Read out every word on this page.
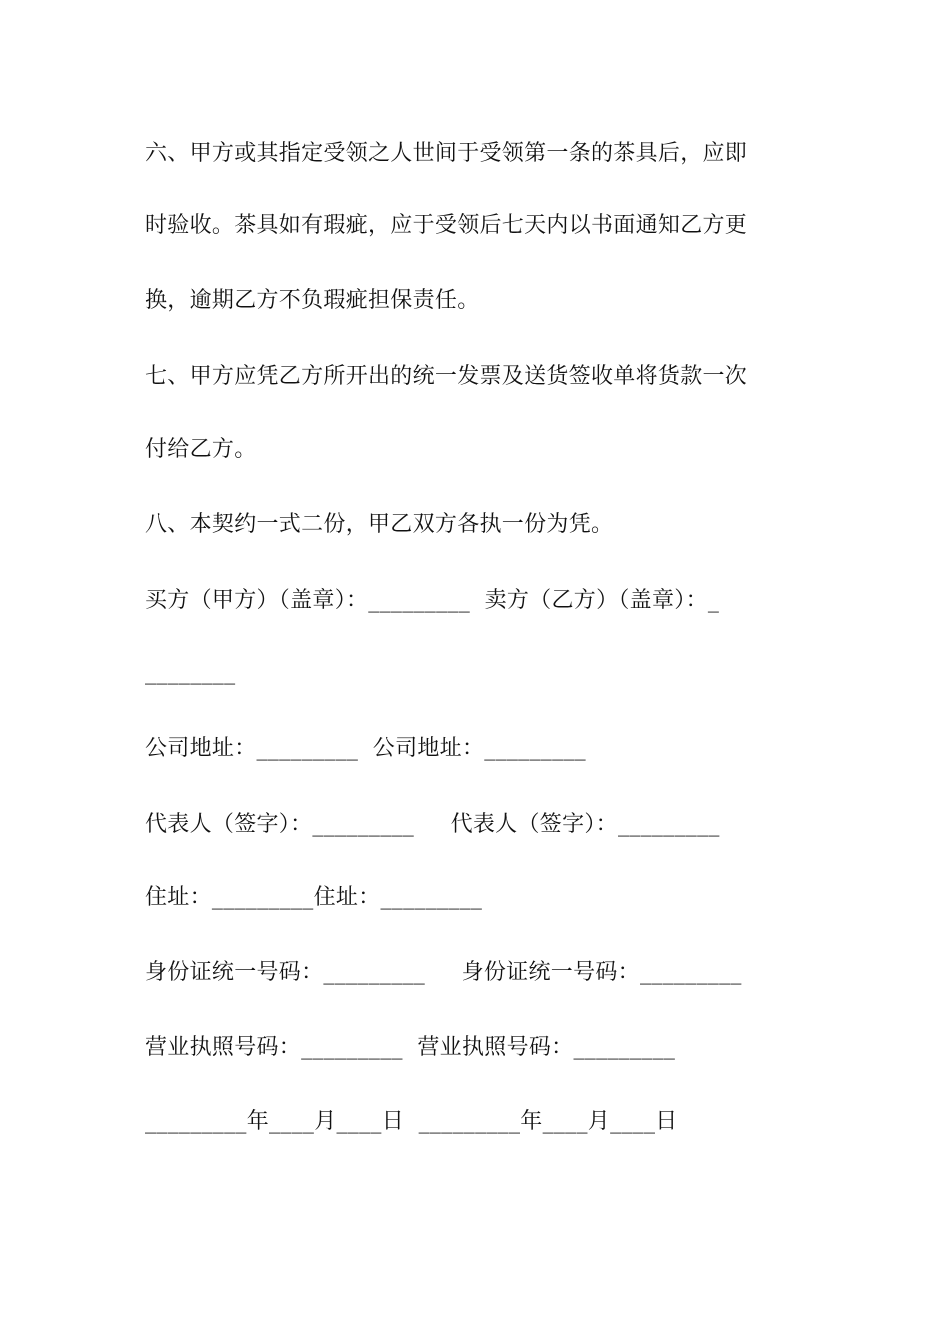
六、甲方或其指定受领之人世间于受领第一条的茶具后，应即
时验收。茶具如有瑕疵，应于受领后七天内以书面通知乙方更
换，逾期乙方不负瑕疵担保责任。
七、甲方应凭乙方所开出的统一发票及送货签收单将货款一次
付给乙方。
八、本契约一式二份，甲乙双方各执一份为凭。
买方（甲方）（盖章）：_________  卖方（乙方）（盖章）：_
________
公司地址：_________  公司地址：_________
代表人（签字）：_________     代表人（签字）：_________
住址：_________住址：_________
身份证统一号码：_________     身份证统一号码：_________
营业执照号码：_________  营业执照号码：_________
_________年____月____日  _________年____月____日
